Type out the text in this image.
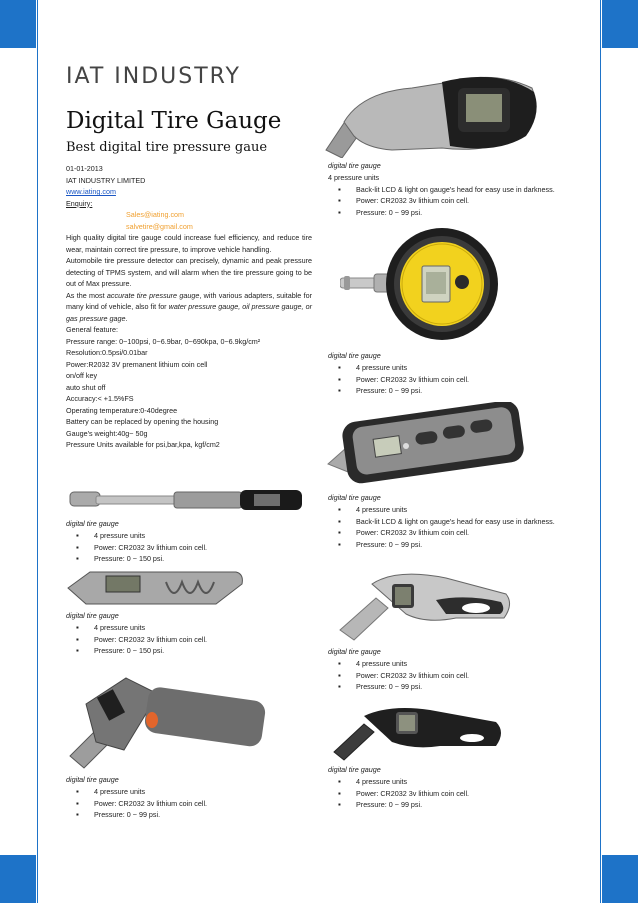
IAT INDUSTRY
Digital Tire Gauge
Best digital tire pressure gaue
01-01-2013
IAT INDUSTRY LIMITED
www.iating.com
Enquiry:
Sales@iating.com
salvetire@gmail.com
High quality digital tire gauge could increase fuel efficiency, and reduce tire wear, maintain correct tire pressure, to improve vehicle handling.
Automobile tire pressure detector can precisely, dynamic and peak pressure detecting of TPMS system, and will alarm when the tire pressure going to be out of Max pressure.
As the most accurate tire pressure gauge, with various adapters, suitable for many kind of vehicle, also fit for water pressure gauge, oil pressure gauge, or gas pressure gage.
General feature:
Pressure range: 0~100psi, 0~6.9bar, 0~690kpa, 0~6.9kg/cm²
Resolution:0.5psi/0.01bar
Power:R2032 3V premanent lithium coin cell
on/off key
auto shut off
Accuracy:< +1.5%FS
Operating temperature:0-40degree
Battery can be replaced by opening the housing
Gauge's weight:40g~ 50g
Pressure Units available for psi,bar,kpa, kgf/cm2
digital tire gauge
4 pressure units
▪ Back-lit LCD & light on gauge's head for easy use in darkness.
▪ Power: CR2032 3v lithium coin cell.
▪ Pressure: 0 ~ 99 psi.
digital tire gauge
▪ 4 pressure units
▪ Power: CR2032 3v lithium coin cell.
▪ Pressure: 0 ~ 99 psi.
digital tire gauge
▪ 4 pressure units
▪ Back-lit LCD & light on gauge's head for easy use in darkness.
▪ Power: CR2032 3v lithium coin cell.
▪ Pressure: 0 ~ 99 psi.
digital tire gauge
▪ 4 pressure units
▪ Power: CR2032 3v lithium coin cell.
▪ Pressure: 0 ~ 99 psi.
digital tire gauge
▪ 4 pressure units
▪ Power: CR2032 3v lithium coin cell.
▪ Pressure: 0 ~ 99 psi.
digital tire gauge
▪ 4 pressure units
▪ Power: CR2032 3v lithium coin cell.
▪ Pressure: 0 ~ 150 psi.
digital tire gauge
▪ 4 pressure units
▪ Power: CR2032 3v lithium coin cell.
▪ Pressure: 0 ~ 150 psi.
digital tire gauge
▪ 4 pressure units
▪ Power: CR2032 3v lithium coin cell.
▪ Pressure: 0 ~ 99 psi.
